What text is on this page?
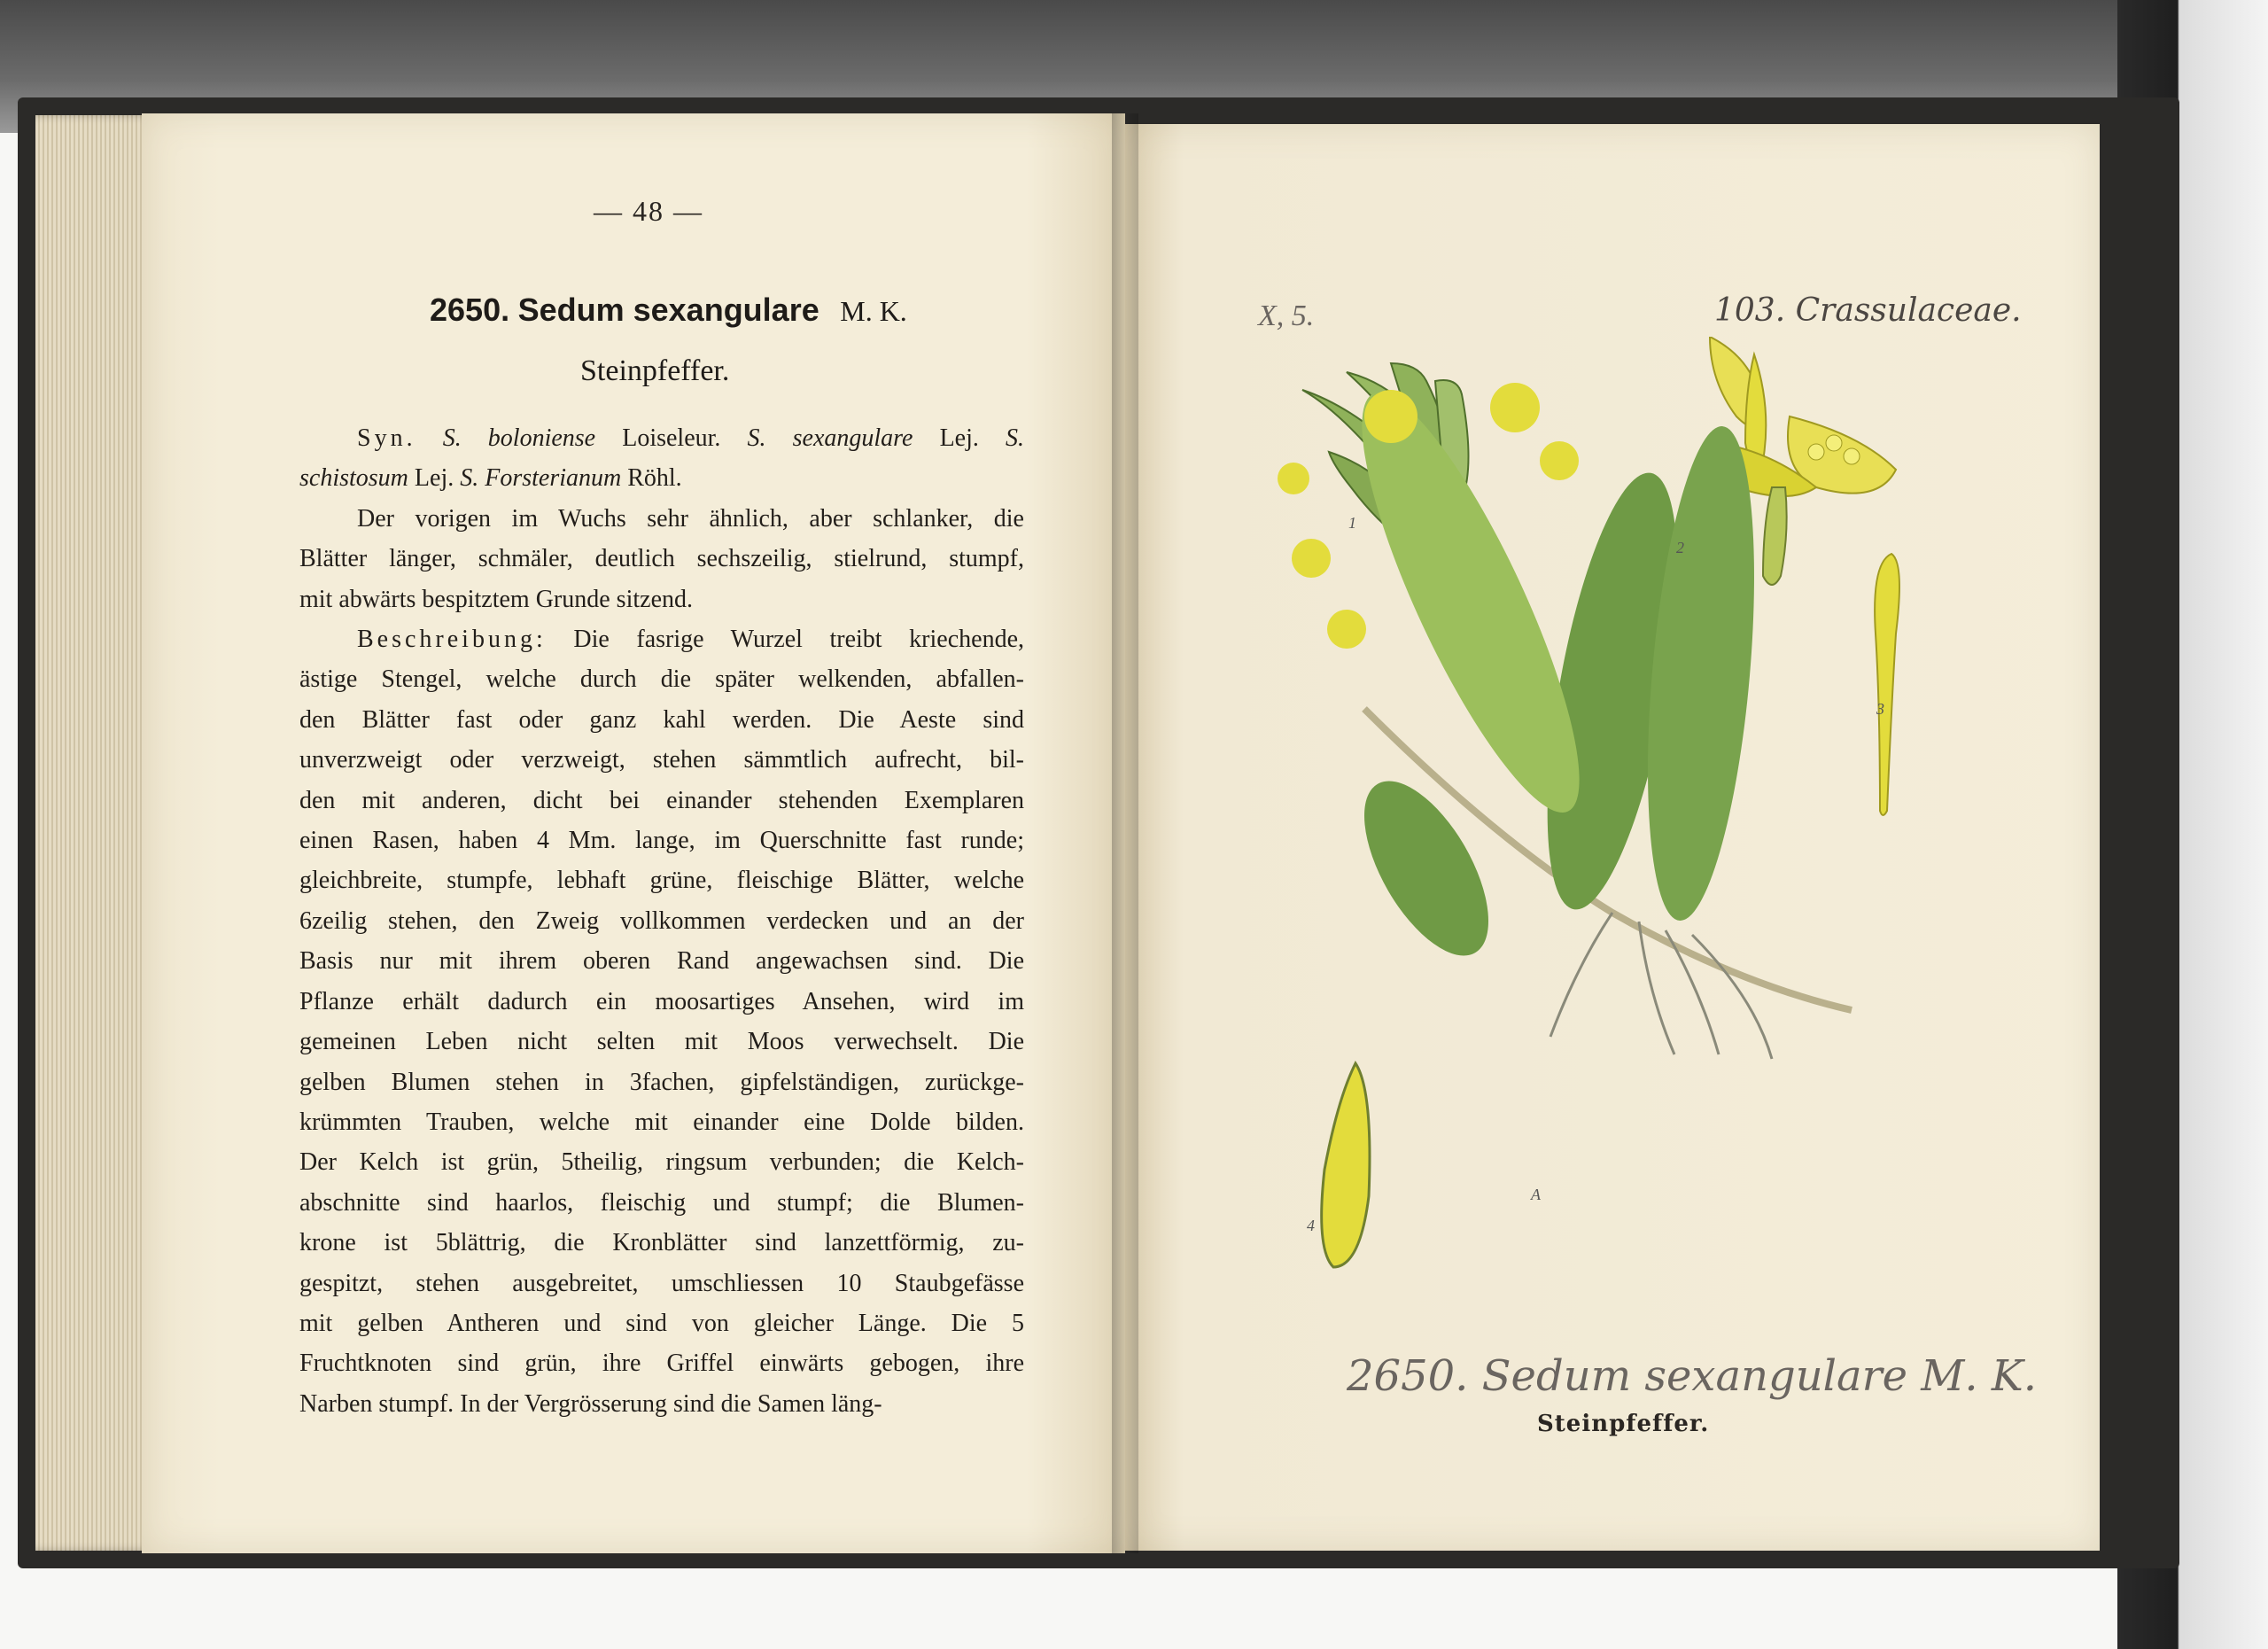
— 48 —
2650. Sedum sexangulare M. K.
Steinpfeffer.

Syn. S. boloniense Loiseleur. S. sexangulare Lej. S.

schistosum Lej. S. Forsterianum Röhl.

Der vorigen im Wuchs sehr ähnlich, aber schlanker, die
Blätter länger, schmäler, deutlich sechszeilig, stielrund, stumpf,
mit abwärts bespitztem Grunde sitzend.
Beschreibung: Die fasrige Wurzel treibt kriechende,
ästige Stengel, welche durch die später welkenden, abfallen-
den Blätter fast oder ganz kahl werden. Die Aeste sind
unverzweigt oder verzweigt, stehen sämmtlich aufrecht, bil-
den mit anderen, dicht bei einander stehenden Exemplaren
einen Rasen, haben 4 Mm. lange, im Querschnitte fast runde;
gleichbreite, stumpfe, lebhaft grüne, fleischige Blätter, welche
6zeilig stehen, den Zweig vollkommen verdecken und an der
Basis nur mit ihrem oberen Rand angewachsen sind. Die
Pflanze erhält dadurch ein moosartiges Ansehen, wird im
gemeinen Leben nicht selten mit Moos verwechselt. Die
gelben Blumen stehen in 3fachen, gipfelständigen, zurückge-
krümmten Trauben, welche mit einander eine Dolde bilden.
Der Kelch ist grün, 5theilig, ringsum verbunden; die Kelch-
abschnitte sind haarlos, fleischig und stumpf; die Blumen-
krone ist 5blättrig, die Kronblätter sind lanzettförmig, zu-
gespitzt, stehen ausgebreitet, umschliessen 10 Staubgefässe
mit gelben Antheren und sind von gleicher Länge. Die 5
Fruchtknoten sind grün, ihre Griffel einwärts gebogen, ihre
Narben stumpf. In der Vergrösserung sind die Samen läng-
X, 5.	103. Crassulaceae.
1
2
3
4
A
2650. Sedum sexangulare M. K.
Steinpfeffer.
